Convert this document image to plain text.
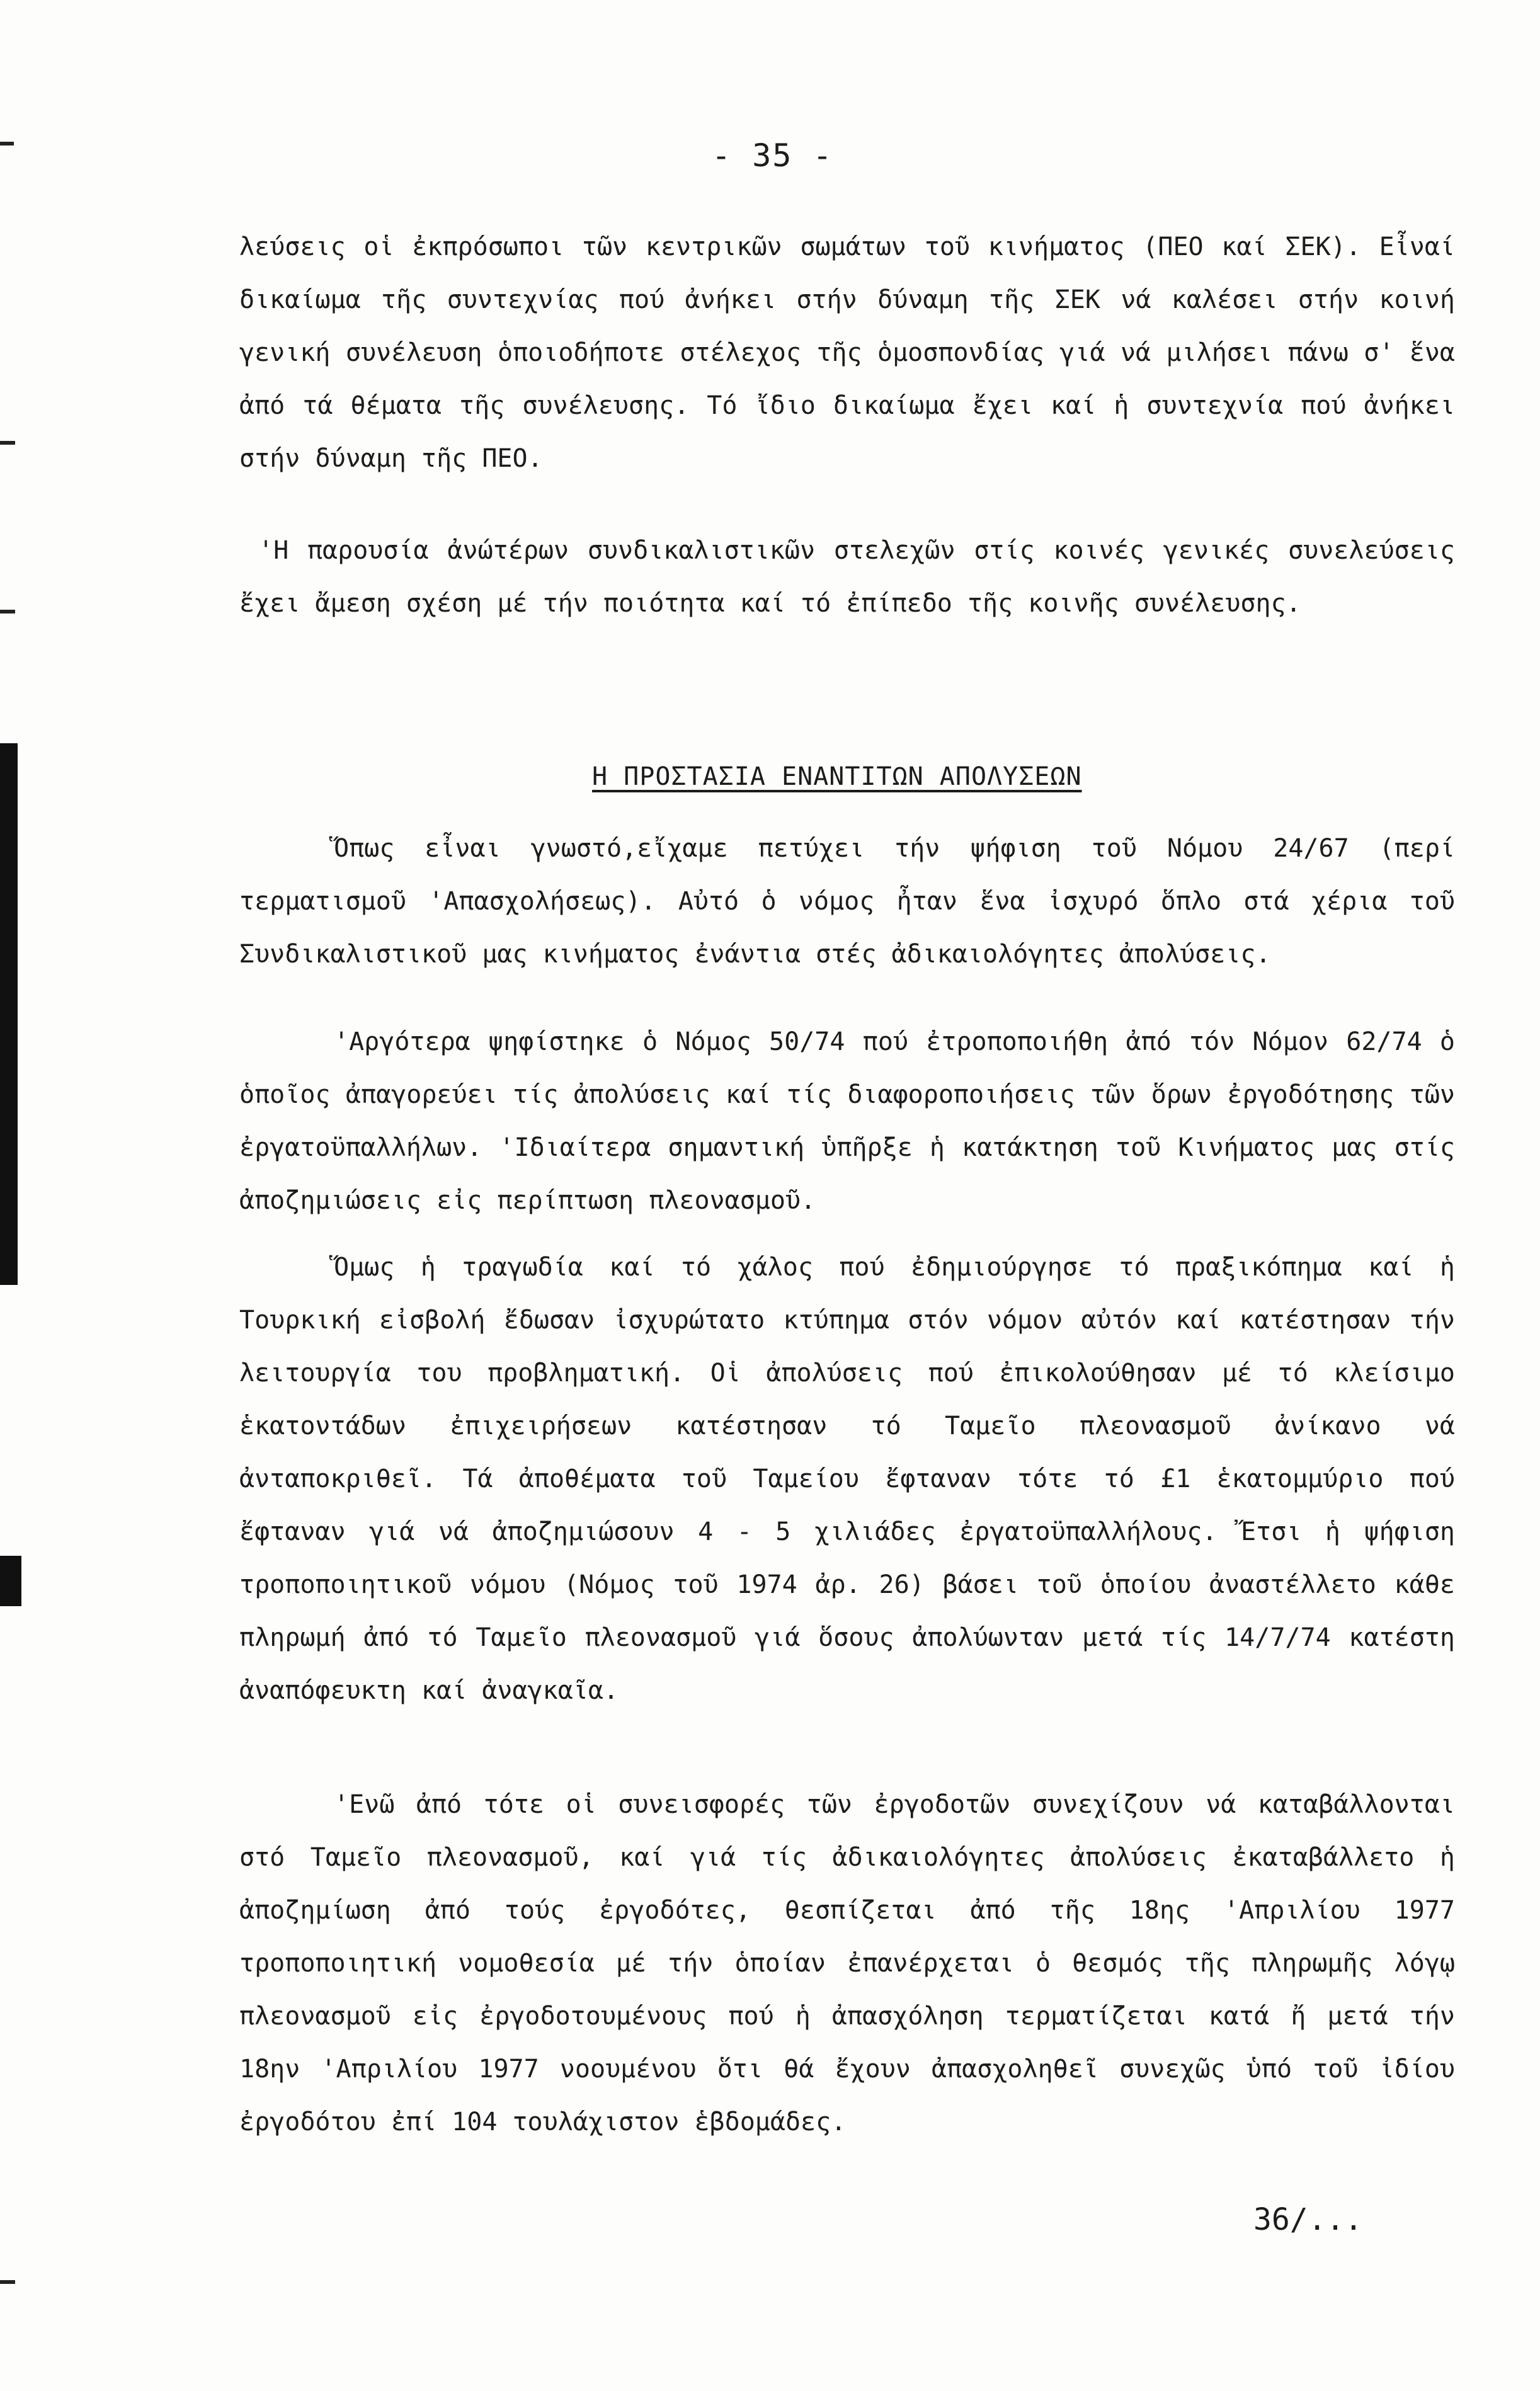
- 35 -

λεύσεις οἱ ἐκπρόσωποι τῶν κεντρικῶν σωμάτων τοῦ κινήματος (ΠΕΟ καί ΣΕΚ). Εἶναί δικαίωμα τῆς συντεχνίας πού ἀνήκει στήν δύναμη τῆς ΣΕΚ νά καλέσει στήν κοινή γενική συνέλευση ὁποιοδήποτε στέλεχος τῆς ὁμοσπονδίας γιά νά μιλήσει πάνω σ' ἕνα ἀπό τά θέματα τῆς συνέλευσης. Τό ἴδιο δικαίωμα ἔχει καί ἡ συντεχνία πού ἀνήκει στήν δύναμη τῆς ΠΕΟ.

'Η παρουσία ἀνώτέρων συνδικαλιστικῶν στελεχῶν στίς κοινές γενικές συνελεύσεις ἔχει ἄμεση σχέση μέ τήν ποιότητα καί τό ἐπίπεδο τῆς κοινῆς συνέλευσης.

Η ΠΡΟΣΤΑΣΙΑ ΕΝΑΝΤΙΤΩΝ ΑΠΟΛΥΣΕΩΝ

Ὅπως εἶναι γνωστό,εἴχαμε πετύχει τήν ψήφιση τοῦ Νόμου 24/67 (περί τερματισμοῦ 'Απασχολήσεως). Αὐτό ὁ νόμος ἦταν ἕνα ἰσχυρό ὅπλο στά χέρια τοῦ Συνδικαλιστικοῦ μας κινήματος ἐνάντια στές ἀδικαιολόγητες ἀπολύσεις.

'Αργότερα ψηφίστηκε ὁ Νόμος 50/74 πού ἐτροποποιήθη ἀπό τόν Νόμον 62/74 ὁ ὁποῖος ἀπαγορεύει τίς ἀπολύσεις καί τίς διαφοροποιήσεις τῶν ὅρων ἐργοδότησης τῶν ἐργατοϋπαλλήλων. 'Ιδιαίτερα σημαντική ὑπῆρξε ἡ κατάκτηση τοῦ Κινήματος μας στίς ἀποζημιώσεις εἰς περίπτωση πλεονασμοῦ.

Ὅμως ἡ τραγωδία καί τό χάλος πού ἐδημιούργησε τό πραξικόπημα καί ἡ Τουρκική εἰσβολή ἔδωσαν ἰσχυρώτατο κτύπημα στόν νόμον αὐτόν καί κατέστησαν τήν λειτουργία του προβληματική. Οἱ ἀπολύσεις πού ἐπικολούθησαν μέ τό κλείσιμο ἑκατοντάδων ἐπιχειρήσεων κατέστησαν τό Ταμεῖο πλεονασμοῦ ἀνίκανο νά ἀνταποκριθεῖ. Τά ἀποθέματα τοῦ Ταμείου ἔφταναν τότε τό £1 ἑκατομμύριο πού ἔφταναν γιά νά ἀποζημιώσουν 4 - 5 χιλιάδες ἐργατοϋπαλλήλους. Ἔτσι ἡ ψήφιση τροποποιητικοῦ νόμου (Νόμος τοῦ 1974 ἀρ. 26) βάσει τοῦ ὁποίου ἀναστέλλετο κάθε πληρωμή ἀπό τό Ταμεῖο πλεονασμοῦ γιά ὅσους ἀπολύωνταν μετά τίς 14/7/74 κατέστη ἀναπόφευκτη καί ἀναγκαῖα.

'Ενῶ ἀπό τότε οἱ συνεισφορές τῶν ἐργοδοτῶν συνεχίζουν νά καταβάλλονται στό Ταμεῖο πλεονασμοῦ, καί γιά τίς ἀδικαιολόγητες ἀπολύσεις ἐκαταβάλλετο ἡ ἀποζημίωση ἀπό τούς ἐργοδότες, θεσπίζεται ἀπό τῆς 18ης 'Απριλίου 1977 τροποποιητική νομοθεσία μέ τήν ὁποίαν ἐπανέρχεται ὁ θεσμός τῆς πληρωμῆς λόγῳ πλεονασμοῦ εἰς ἐργοδοτουμένους πού ἡ ἀπασχόληση τερματίζεται κατά ἤ μετά τήν 18ην 'Απριλίου 1977 νοουμένου ὅτι θά ἔχουν ἀπασχοληθεῖ συνεχῶς ὑπό τοῦ ἰδίου ἐργοδότου ἐπί 104 τουλάχιστον ἑβδομάδες.

36/...
